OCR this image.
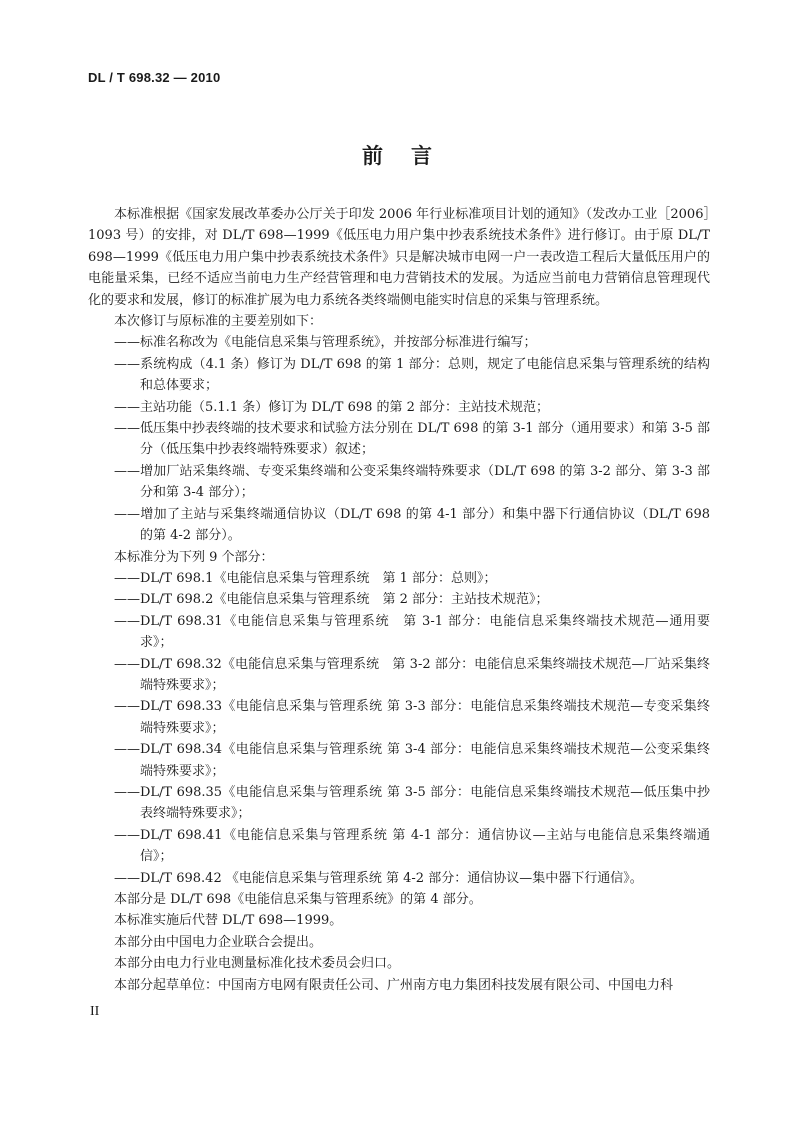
DL / T 698.32 — 2010
前言

本标准根据《国家发展改革委办公厅关于印发 2006 年行业标准项目计划的通知》（发改办工业［2006］1093 号）的安排，对 DL/T 698—1999《低压电力用户集中抄表系统技术条件》进行修订。由于原 DL/T 698—1999《低压电力用户集中抄表系统技术条件》只是解决城市电网一户一表改造工程后大量低压用户的电能量采集，已经不适应当前电力生产经营管理和电力营销技术的发展。为适应当前电力营销信息管理现代化的要求和发展，修订的标准扩展为电力系统各类终端侧电能实时信息的采集与管理系统。

本次修订与原标准的主要差别如下：

——标准名称改为《电能信息采集与管理系统》，并按部分标准进行编写；
——系统构成（4.1 条）修订为 DL/T 698 的第 1 部分：总则，规定了电能信息采集与管理系统的结构和总体要求；
——主站功能（5.1.1 条）修订为 DL/T 698 的第 2 部分：主站技术规范；
——低压集中抄表终端的技术要求和试验方法分别在 DL/T 698 的第 3-1 部分（通用要求）和第 3-5 部分（低压集中抄表终端特殊要求）叙述；
——增加厂站采集终端、专变采集终端和公变采集终端特殊要求（DL/T 698 的第 3-2 部分、第 3-3 部分和第 3-4 部分）；
——增加了主站与采集终端通信协议（DL/T 698 的第 4-1 部分）和集中器下行通信协议（DL/T 698 的第 4-2 部分）。

本标准分为下列 9 个部分：

——DL/T 698.1《电能信息采集与管理系统　第 1 部分：总则》；
——DL/T 698.2《电能信息采集与管理系统　第 2 部分：主站技术规范》；
——DL/T 698.31《电能信息采集与管理系统　第 3-1 部分：电能信息采集终端技术规范—通用要求》；
——DL/T 698.32《电能信息采集与管理系统　第 3-2 部分：电能信息采集终端技术规范—厂站采集终端特殊要求》；
——DL/T 698.33《电能信息采集与管理系统 第 3-3 部分：电能信息采集终端技术规范—专变采集终端特殊要求》；
——DL/T 698.34《电能信息采集与管理系统 第 3-4 部分：电能信息采集终端技术规范—公变采集终端特殊要求》；
——DL/T 698.35《电能信息采集与管理系统 第 3-5 部分：电能信息采集终端技术规范—低压集中抄表终端特殊要求》；
——DL/T 698.41《电能信息采集与管理系统 第 4-1 部分：通信协议—主站与电能信息采集终端通信》；
——DL/T 698.42 《电能信息采集与管理系统 第 4-2 部分：通信协议—集中器下行通信》。

本部分是 DL/T 698《电能信息采集与管理系统》的第 4 部分。

本标准实施后代替 DL/T 698—1999。

本部分由中国电力企业联合会提出。

本部分由电力行业电测量标准化技术委员会归口。

本部分起草单位：中国南方电网有限责任公司、广州南方电力集团科技发展有限公司、中国电力科

II
